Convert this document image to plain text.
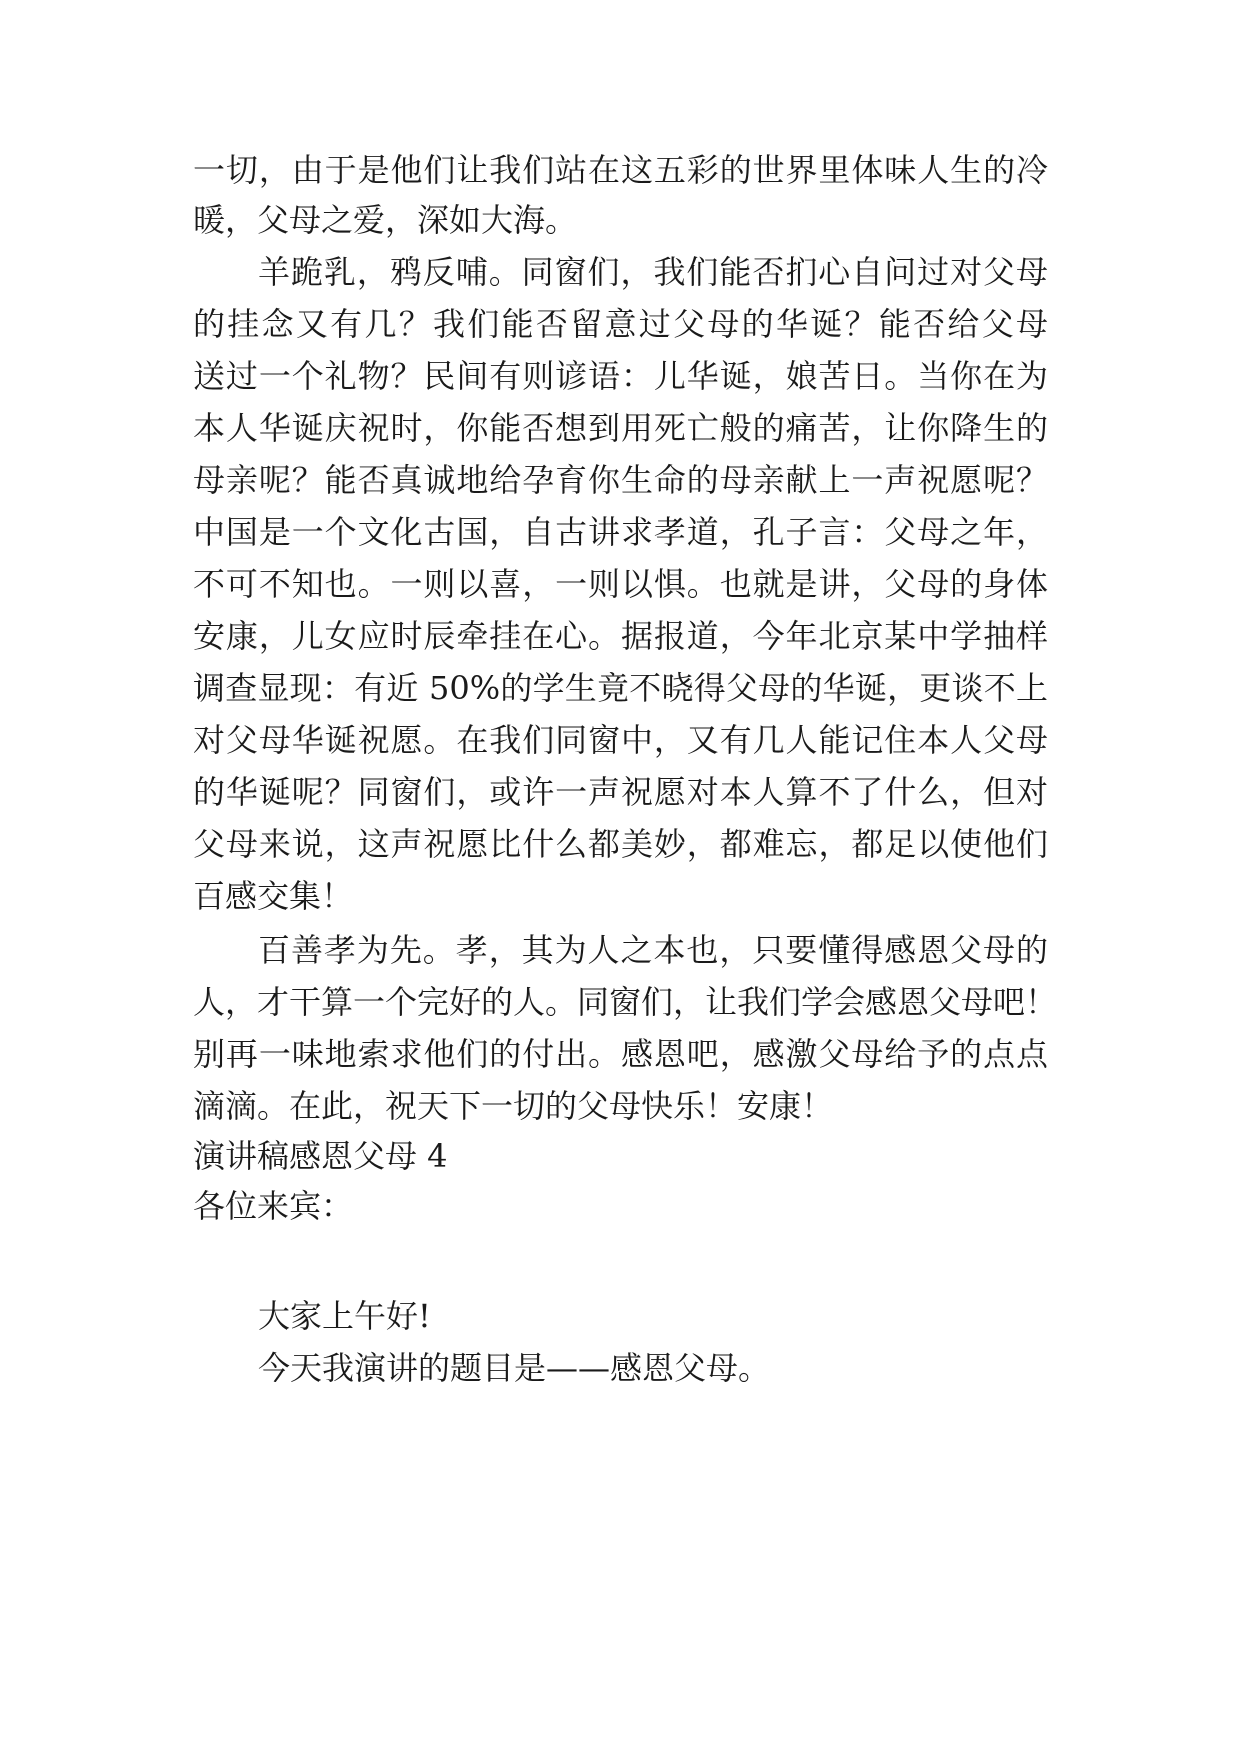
一切，由于是他们让我们站在这五彩的世界里体味人生的冷
暖，父母之爱，深如大海。
羊跪乳，鸦反哺。同窗们，我们能否扪心自问过对父母
的挂念又有几？我们能否留意过父母的华诞？能否给父母
送过一个礼物？民间有则谚语：儿华诞，娘苦日。当你在为
本人华诞庆祝时，你能否想到用死亡般的痛苦，让你降生的
母亲呢？能否真诚地给孕育你生命的母亲献上一声祝愿呢？
中国是一个文化古国，自古讲求孝道，孔子言：父母之年，
不可不知也。一则以喜，一则以惧。也就是讲，父母的身体
安康，儿女应时辰牵挂在心。据报道，今年北京某中学抽样
调查显现：有近 50%的学生竟不晓得父母的华诞，更谈不上
对父母华诞祝愿。在我们同窗中，又有几人能记住本人父母
的华诞呢？同窗们，或许一声祝愿对本人算不了什么，但对
父母来说，这声祝愿比什么都美妙，都难忘，都足以使他们
百感交集！
百善孝为先。孝，其为人之本也，只要懂得感恩父母的
人，才干算一个完好的人。同窗们，让我们学会感恩父母吧！
别再一味地索求他们的付出。感恩吧，感激父母给予的点点
滴滴。在此，祝天下一切的父母快乐！安康！
演讲稿感恩父母 4
各位来宾：
大家上午好!
今天我演讲的题目是——感恩父母。
